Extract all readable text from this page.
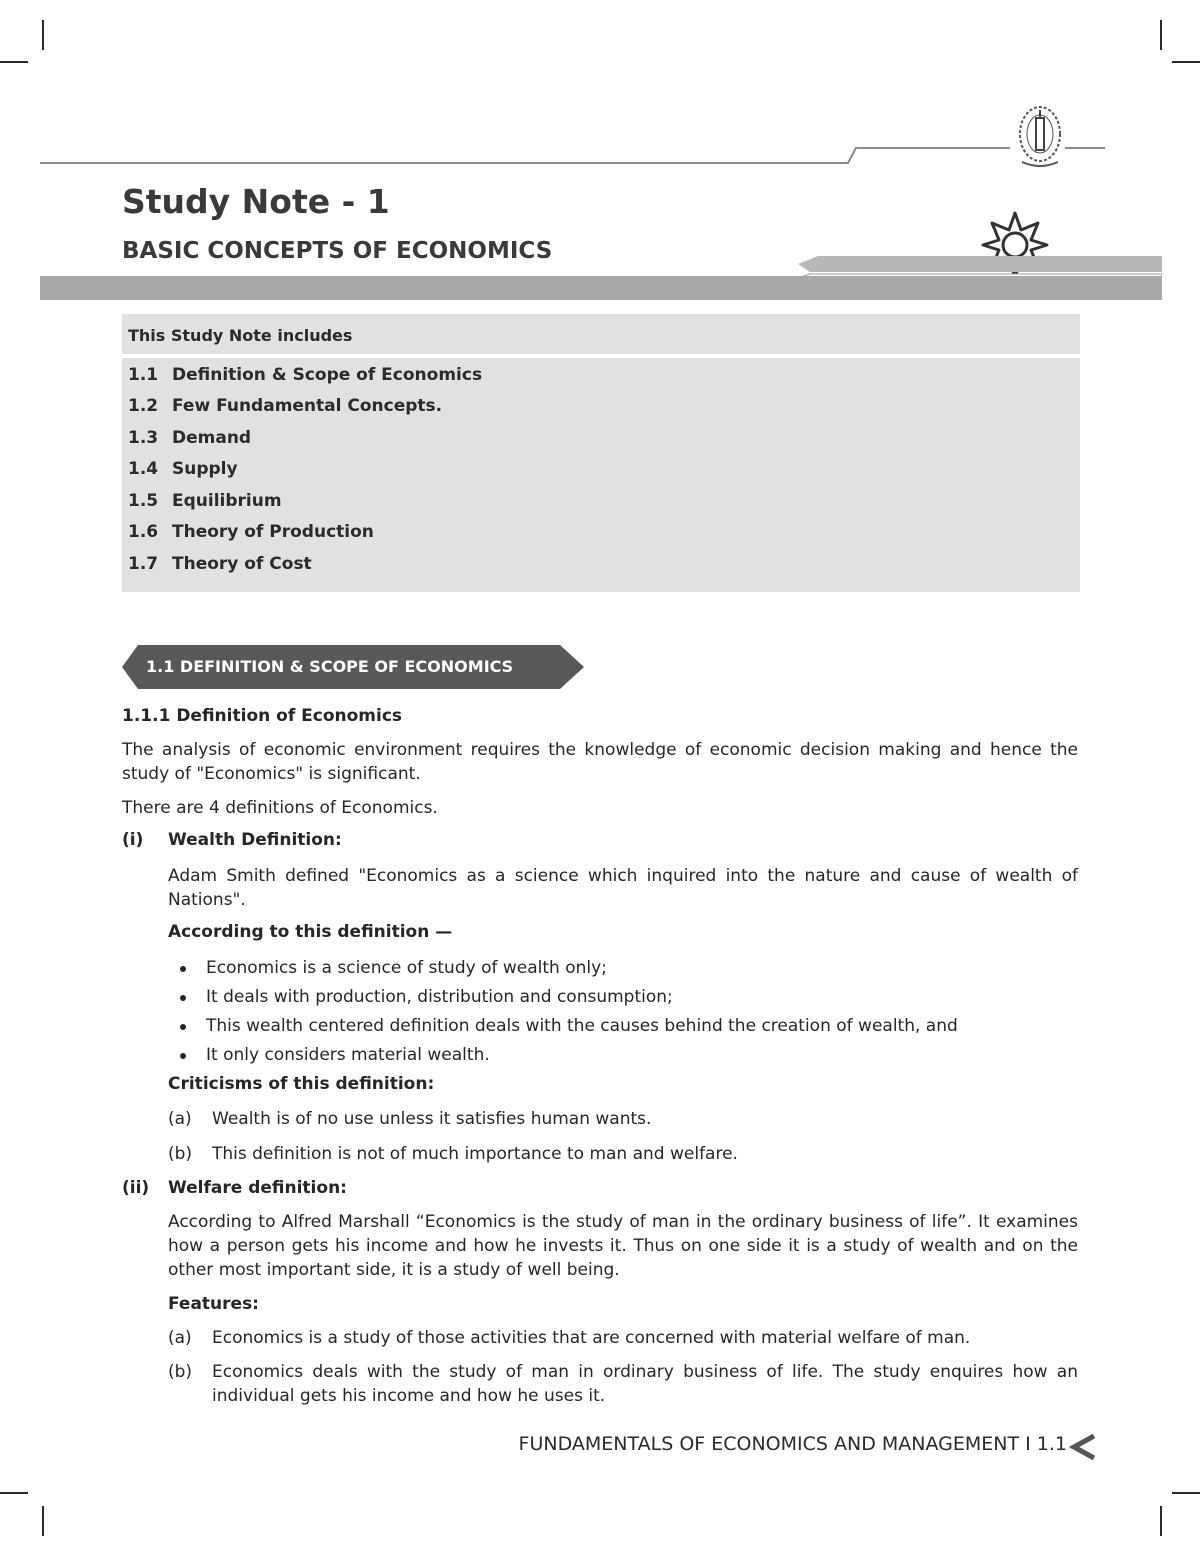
Study Note - 1
BASIC CONCEPTS OF ECONOMICS
This Study Note includes
1.1 Definition & Scope of Economics
1.2 Few Fundamental Concepts.
1.3 Demand
1.4 Supply
1.5 Equilibrium
1.6 Theory of Production
1.7 Theory of Cost
1.1 DEFINITION & SCOPE OF ECONOMICS
1.1.1 Definition of Economics
The analysis of economic environment requires the knowledge of economic decision making and hence the study of "Economics" is significant.
There are 4 definitions of Economics.
(i) Wealth Definition:
Adam Smith defined "Economics as a science which inquired into the nature and cause of wealth of Nations".
According to this definition —
Economics is a science of study of wealth only;
It deals with production, distribution and consumption;
This wealth centered definition deals with the causes behind the creation of wealth, and
It only considers material wealth.
Criticisms of this definition:
(a) Wealth is of no use unless it satisfies human wants.
(b) This definition is not of much importance to man and welfare.
(ii) Welfare definition:
According to Alfred Marshall “Economics is the study of man in the ordinary business of life”. It examines how a person gets his income and how he invests it. Thus on one side it is a study of wealth and on the other most important side, it is a study of well being.
Features:
(a) Economics is a study of those activities that are concerned with material welfare of man.
(b) Economics deals with the study of man in ordinary business of life. The study enquires how an individual gets his income and how he uses it.
FUNDAMENTALS OF ECONOMICS AND MANAGEMENT I 1.1
